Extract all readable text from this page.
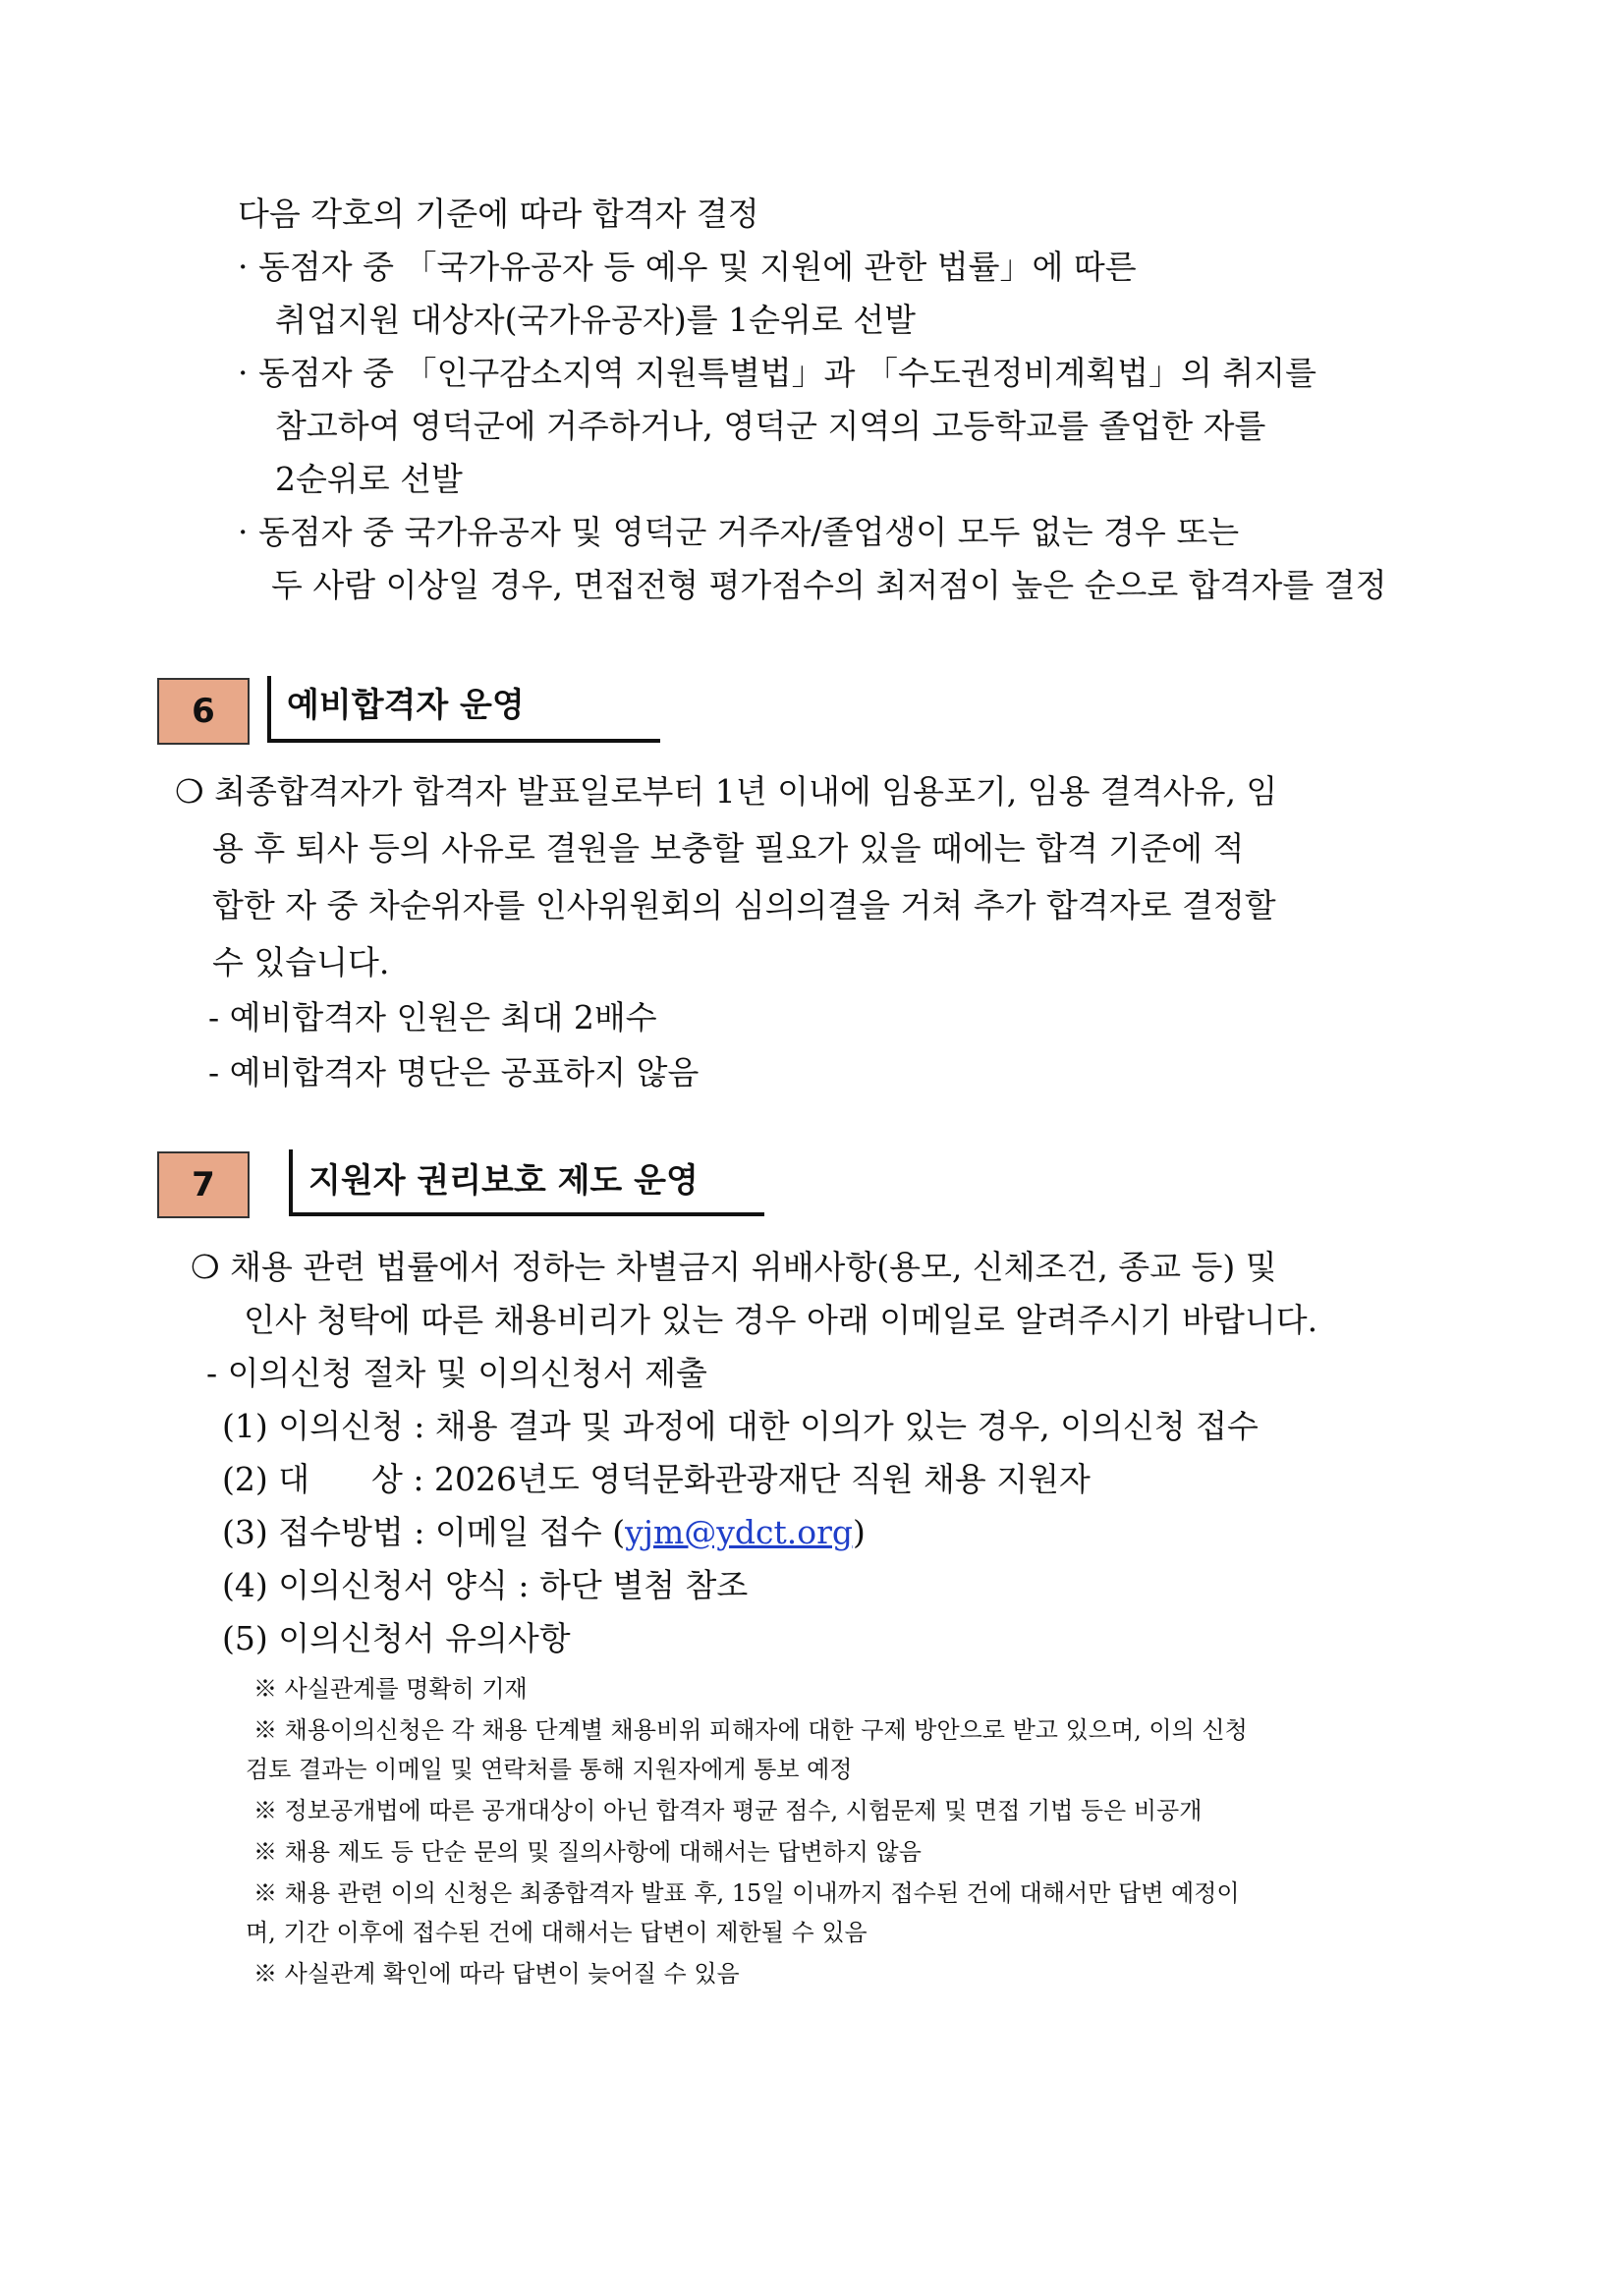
다음 각호의 기준에 따라 합격자 결정
· 동점자 중 「국가유공자 등 예우 및 지원에 관한 법률」에 따른
취업지원 대상자(국가유공자)를 1순위로 선발
· 동점자 중 「인구감소지역 지원특별법」과 「수도권정비계획법」의 취지를
참고하여 영덕군에 거주하거나, 영덕군 지역의 고등학교를 졸업한 자를
2순위로 선발
· 동점자 중 국가유공자 및 영덕군 거주자/졸업생이 모두 없는 경우 또는
두 사람 이상일 경우, 면접전형 평가점수의 최저점이 높은 순으로 합격자를 결정
6	예비합격자 운영
❍ 최종합격자가 합격자 발표일로부터 1년 이내에 임용포기, 임용 결격사유, 임
용 후 퇴사 등의 사유로 결원을 보충할 필요가 있을 때에는 합격 기준에 적
합한 자 중 차순위자를 인사위원회의 심의의결을 거쳐 추가 합격자로 결정할
수 있습니다.
- 예비합격자 인원은 최대 2배수
- 예비합격자 명단은 공표하지 않음
7	지원자 권리보호 제도 운영
❍ 채용 관련 법률에서 정하는 차별금지 위배사항(용모, 신체조건, 종교 등) 및
인사 청탁에 따른 채용비리가 있는 경우 아래 이메일로 알려주시기 바랍니다.
- 이의신청 절차 및 이의신청서 제출
(1) 이의신청 : 채용 결과 및 과정에 대한 이의가 있는 경우, 이의신청 접수
(2) 대      상 : 2026년도 영덕문화관광재단 직원 채용 지원자
(3) 접수방법 : 이메일 접수 (yjm@ydct.org)
(4) 이의신청서 양식 : 하단 별첨 참조
(5) 이의신청서 유의사항
※ 사실관계를 명확히 기재
※ 채용이의신청은 각 채용 단계별 채용비위 피해자에 대한 구제 방안으로 받고 있으며, 이의 신청
검토 결과는 이메일 및 연락처를 통해 지원자에게 통보 예정
※ 정보공개법에 따른 공개대상이 아닌 합격자 평균 점수, 시험문제 및 면접 기법 등은 비공개
※ 채용 제도 등 단순 문의 및 질의사항에 대해서는 답변하지 않음
※ 채용 관련 이의 신청은 최종합격자 발표 후, 15일 이내까지 접수된 건에 대해서만 답변 예정이
며, 기간 이후에 접수된 건에 대해서는 답변이 제한될 수 있음
※ 사실관계 확인에 따라 답변이 늦어질 수 있음
